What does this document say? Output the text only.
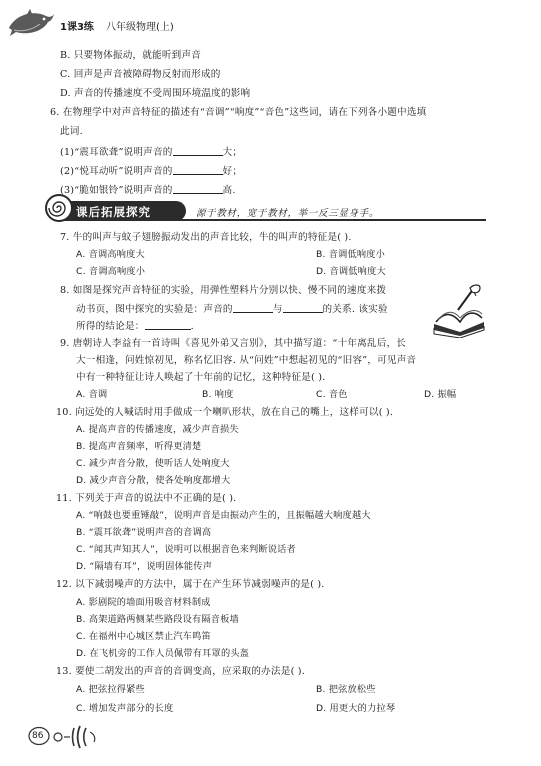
1课3练 八年级物理(上)
B. 只要物体振动，就能听到声音
C. 回声是声音被障碍物反射而形成的
D. 声音的传播速度不受周围环境温度的影响
6. 在物理学中对声音特征的描述有“音调”“响度”“音色”这些词，请在下列各小题中选填
此词.
(1)“震耳欲聋”说明声音的	大；
(2)“悦耳动听”说明声音的	好；
(3)“脆如银铃”说明声音的	高.
课后拓展探究	源于教材，宽于教材，举一反三显身手。
7. 牛的叫声与蚊子翅膀振动发出的声音比较，牛的叫声的特征是( ).
A. 音调高响度大	B. 音调低响度小
C. 音调高响度小	D. 音调低响度大
8. 如图是探究声音特征的实验，用弹性塑料片分别以快、慢不同的速度来拨
动书页，图中探究的实验是：声音的	与	的关系. 该实验
所得的结论是：	.
9. 唐朝诗人李益有一首诗叫《喜见外弟又言别》，其中描写道：“十年离乱后，长
大一相逢，问姓惊初见，称名忆旧容. 从“问姓”中想起初见的“旧容”，可见声音
中有一种特征让诗人唤起了十年前的记忆，这种特征是( ).
A. 音调	B. 响度	C. 音色	D. 振幅
10. 向远处的人喊话时用手做成一个喇叭形状，放在自己的嘴上，这样可以( ).
A. 提高声音的传播速度，减少声音损失
B. 提高声音频率，听得更清楚
C. 减少声音分散，使听话人处响度大
D. 减少声音分散，使各处响度都增大
11. 下列关于声音的说法中不正确的是( ).
A. “响鼓也要重锤敲”，说明声音是由振动产生的，且振幅越大响度越大
B. “震耳欲聋”说明声音的音调高
C. “闻其声知其人”，说明可以根据音色来判断说话者
D. “隔墙有耳”，说明固体能传声
12. 以下减弱噪声的方法中，属于在产生环节减弱噪声的是( ).
A. 影剧院的墙面用吸音材料制成
B. 高架道路两侧某些路段设有隔音板墙
C. 在福州中心城区禁止汽车鸣笛
D. 在飞机旁的工作人员佩带有耳罩的头盔
13. 要使二胡发出的声音的音调变高，应采取的办法是( ).
A. 把弦拉得紧些	B. 把弦放松些
C. 增加发声部分的长度	D. 用更大的力拉琴
86
